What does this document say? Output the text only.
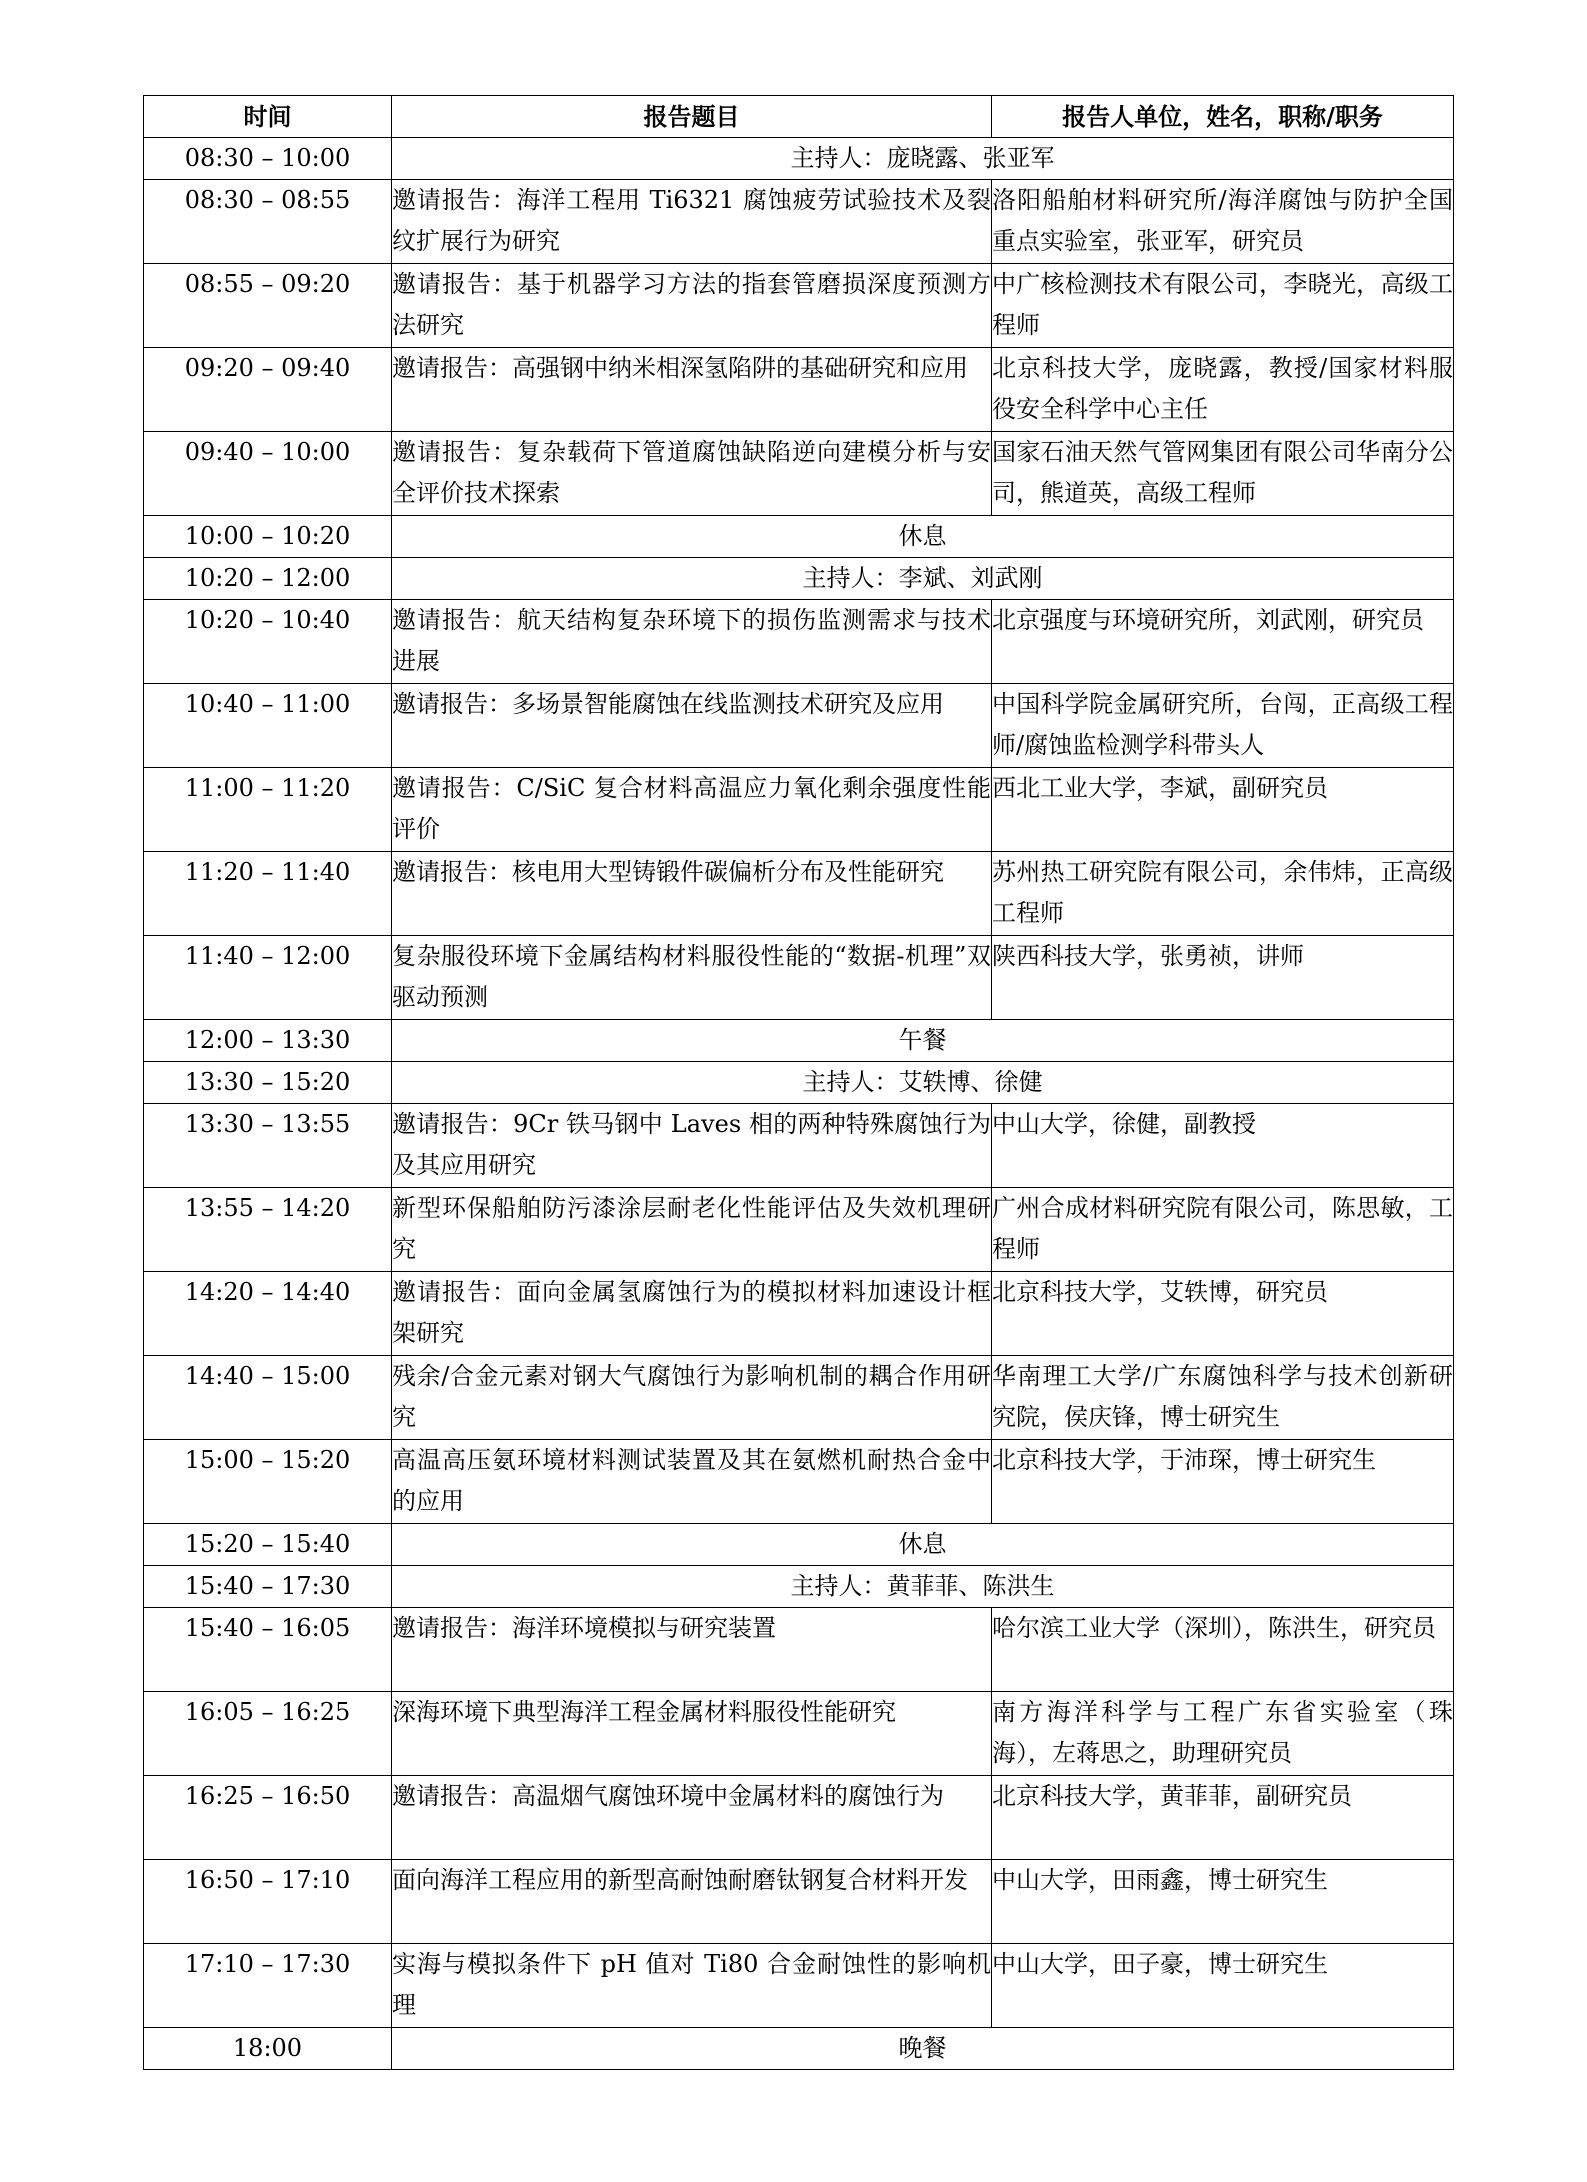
时间	报告题目	报告人单位，姓名，职称/职务
08:30 – 10:00	主持人：庞晓露、张亚军	
08:30 – 08:55	邀请报告：海洋工程用 Ti6321 腐蚀疲劳试验技术及裂纹扩展行为研究	洛阳船舶材料研究所/海洋腐蚀与防护全国重点实验室，张亚军，研究员
08:55 – 09:20	邀请报告：基于机器学习方法的指套管磨损深度预测方法研究	中广核检测技术有限公司，李晓光，高级工程师
09:20 – 09:40	邀请报告：高强钢中纳米相深氢陷阱的基础研究和应用	北京科技大学，庞晓露，教授/国家材料服役安全科学中心主任
09:40 – 10:00	邀请报告：复杂载荷下管道腐蚀缺陷逆向建模分析与安全评价技术探索	国家石油天然气管网集团有限公司华南分公司，熊道英，高级工程师
10:00 – 10:20	休息	
10:20 – 12:00	主持人：李斌、刘武刚	
10:20 – 10:40	邀请报告：航天结构复杂环境下的损伤监测需求与技术进展	北京强度与环境研究所，刘武刚，研究员
10:40 – 11:00	邀请报告：多场景智能腐蚀在线监测技术研究及应用	中国科学院金属研究所，台闯，正高级工程师/腐蚀监检测学科带头人
11:00 – 11:20	邀请报告：C/SiC 复合材料高温应力氧化剩余强度性能评价	西北工业大学，李斌，副研究员
11:20 – 11:40	邀请报告：核电用大型铸锻件碳偏析分布及性能研究	苏州热工研究院有限公司，余伟炜，正高级工程师
11:40 – 12:00	复杂服役环境下金属结构材料服役性能的“数据-机理”双驱动预测	陕西科技大学，张勇祯，讲师
12:00 – 13:30	午餐	
13:30 – 15:20	主持人：艾轶博、徐健	
13:30 – 13:55	邀请报告：9Cr 铁马钢中 Laves 相的两种特殊腐蚀行为及其应用研究	中山大学，徐健，副教授
13:55 – 14:20	新型环保船舶防污漆涂层耐老化性能评估及失效机理研究	广州合成材料研究院有限公司，陈思敏，工程师
14:20 – 14:40	邀请报告：面向金属氢腐蚀行为的模拟材料加速设计框架研究	北京科技大学，艾轶博，研究员
14:40 – 15:00	残余/合金元素对钢大气腐蚀行为影响机制的耦合作用研究	华南理工大学/广东腐蚀科学与技术创新研究院，侯庆锋，博士研究生
15:00 – 15:20	高温高压氨环境材料测试装置及其在氨燃机耐热合金中的应用	北京科技大学，于沛琛，博士研究生
15:20 – 15:40	休息	
15:40 – 17:30	主持人：黄菲菲、陈洪生	
15:40 – 16:05	邀请报告：海洋环境模拟与研究装置	哈尔滨工业大学（深圳），陈洪生，研究员
16:05 – 16:25	深海环境下典型海洋工程金属材料服役性能研究	南方海洋科学与工程广东省实验室（珠海），左蒋思之，助理研究员
16:25 – 16:50	邀请报告：高温烟气腐蚀环境中金属材料的腐蚀行为	北京科技大学，黄菲菲，副研究员
16:50 – 17:10	面向海洋工程应用的新型高耐蚀耐磨钛钢复合材料开发	中山大学，田雨鑫，博士研究生
17:10 – 17:30	实海与模拟条件下 pH 值对 Ti80 合金耐蚀性的影响机理	中山大学，田子豪，博士研究生
18:00	晚餐	
